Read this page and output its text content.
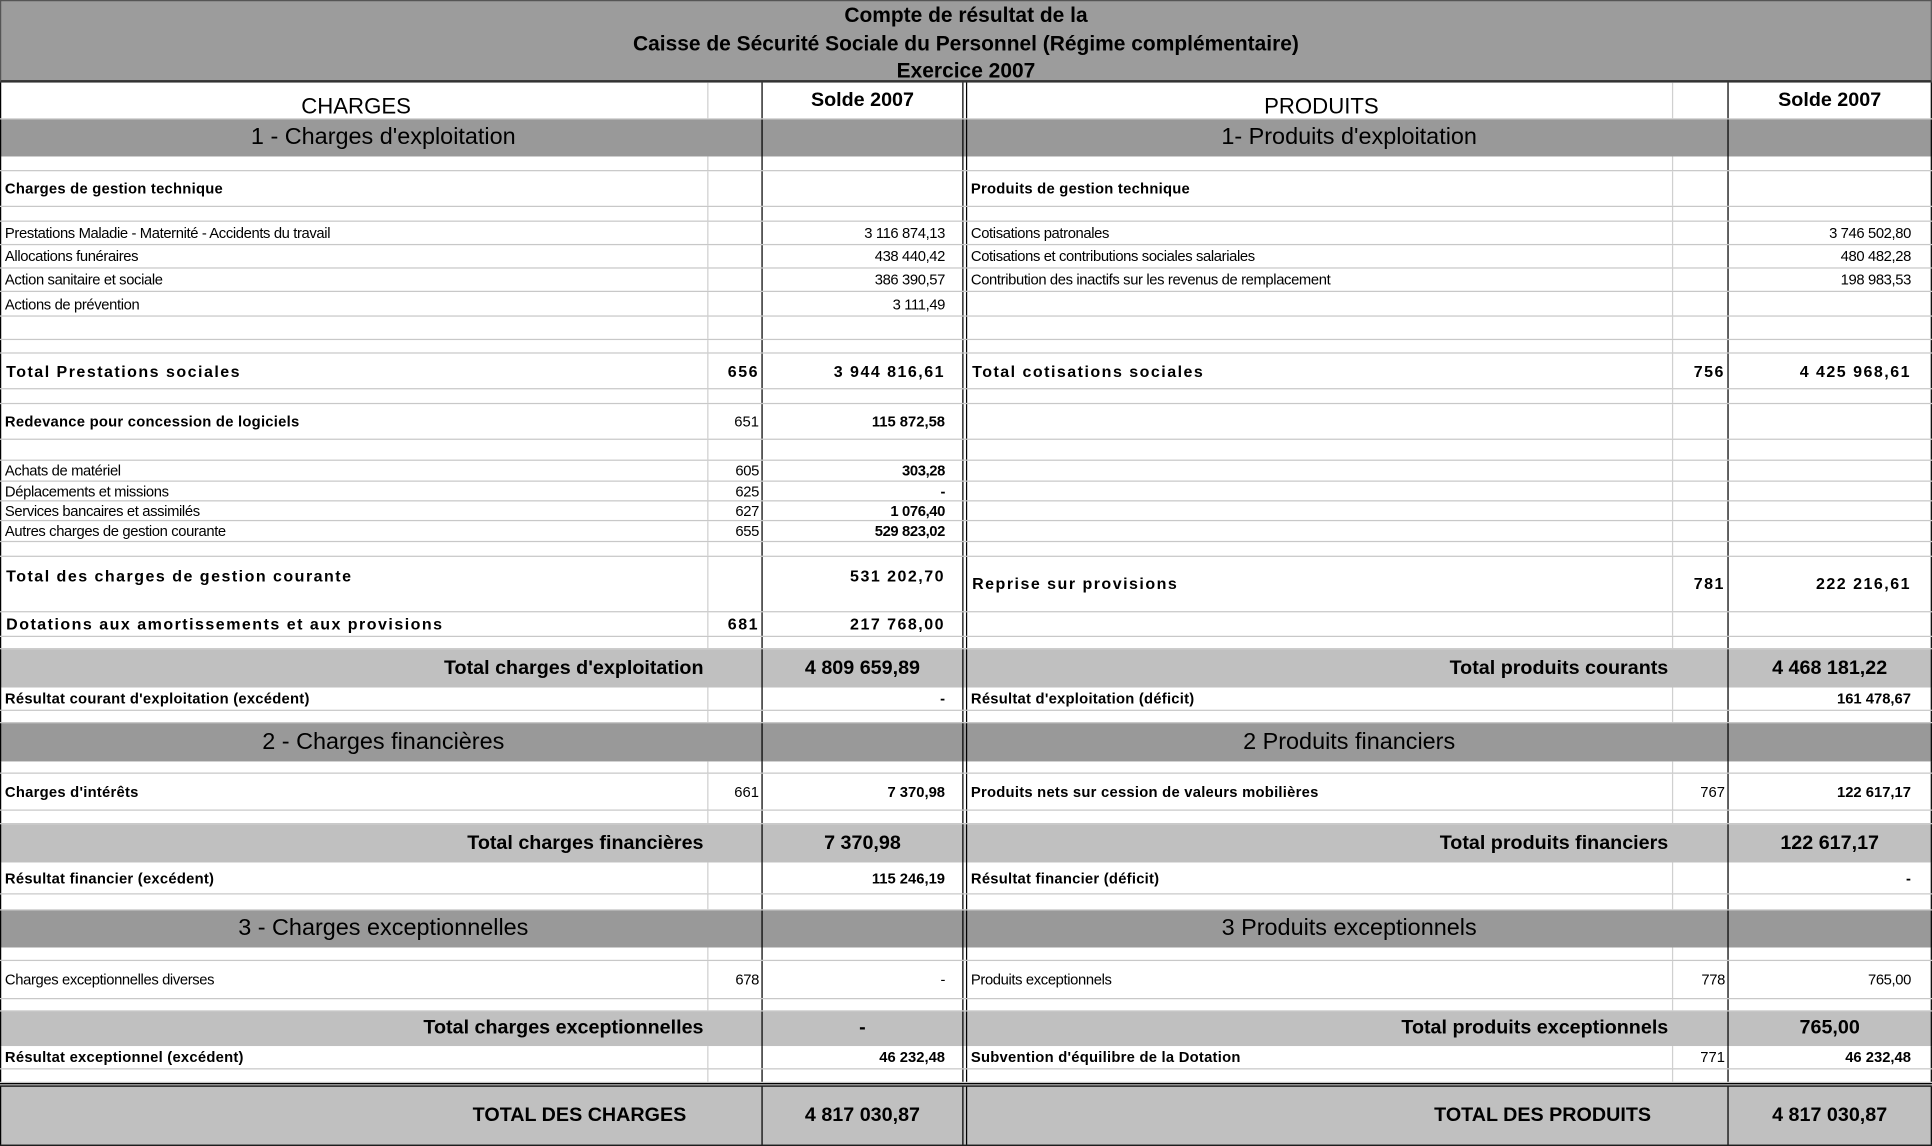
Compte de résultat de la
Caisse de Sécurité Sociale du Personnel (Régime complémentaire)
Exercice 2007
CHARGES	Solde 2007	PRODUITS	Solde 2007
1 - Charges d'exploitation	1- Produits d'exploitation
Charges de gestion technique	Produits de gestion technique
Prestations Maladie - Maternité - Accidents du travail	3 116 874,13	Cotisations patronales	3 746 502,80
Allocations funéraires	438 440,42	Cotisations et contributions sociales salariales	480 482,28
Action sanitaire et sociale	386 390,57	Contribution des inactifs sur les revenus de remplacement	198 983,53
Actions de prévention	3 111,49
Total Prestations sociales	656	3 944 816,61	Total cotisations sociales	756	4 425 968,61
Redevance pour concession de logiciels	651	115 872,58
Achats de matériel	605	303,28
Déplacements et missions	625	-
Services bancaires et assimilés	627	1 076,40
Autres charges de gestion courante	655	529 823,02
Total des charges de gestion courante	531 202,70	Reprise sur provisions	781	222 216,61
Dotations aux amortissements et aux provisions	681	217 768,00
Total charges d'exploitation	4 809 659,89	Total produits courants	4 468 181,22
Résultat courant d'exploitation (excédent)	-	Résultat d'exploitation (déficit)	161 478,67
2 - Charges financières	2 Produits financiers
Charges d'intérêts	661	7 370,98	Produits nets sur cession de valeurs mobilières	767	122 617,17
Total charges financières	7 370,98	Total produits financiers	122 617,17
Résultat financier (excédent)	115 246,19	Résultat financier (déficit)	-
3 - Charges exceptionnelles	3 Produits exceptionnels
Charges exceptionnelles diverses	678	-	Produits exceptionnels	778	765,00
Total charges exceptionnelles	-	Total produits exceptionnels	765,00
Résultat exceptionnel (excédent)	46 232,48	Subvention d'équilibre de la Dotation	771	46 232,48
TOTAL DES CHARGES	4 817 030,87	TOTAL DES PRODUITS	4 817 030,87
